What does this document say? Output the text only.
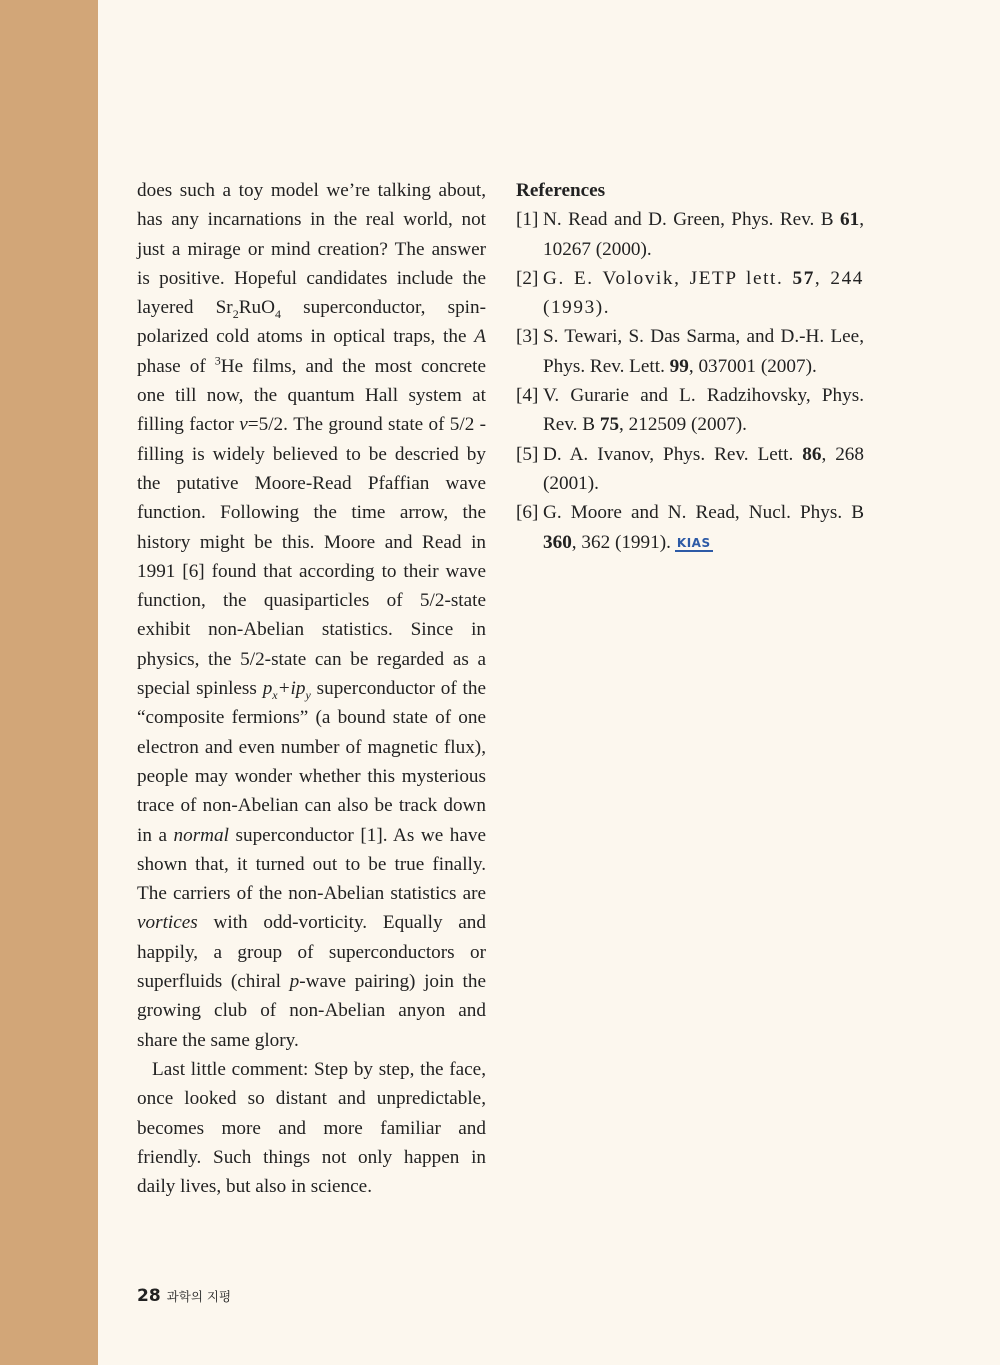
does such a toy model we’re talking about, has any incarnations in the real world, not just a mirage or mind creation? The answer is positive. Hopeful candidates include the layered $Sr_2RuO_4$ superconductor, spin-polarized cold atoms in optical traps, the A phase of $^3$He films, and the most concrete one till now, the quantum Hall system at filling factor ν=5/2. The ground state of 5/2 -filling is widely believed to be descried by the putative Moore-Read Pfaffian wave function. Following the time arrow, the history might be this. Moore and Read in 1991 [6] found that according to their wave function, the quasiparticles of 5/2-state exhibit non-Abelian statistics. Since in physics, the 5/2-state can be regarded as a special spinless $p_x+ip_y$ superconductor of the “composite fermions” (a bound state of one electron and even number of magnetic flux), people may wonder whether this mysterious trace of non-Abelian can also be track down in a normal superconductor [1]. As we have shown that, it turned out to be true finally. The carriers of the non-Abelian statistics are vortices with odd-vorticity. Equally and happily, a group of superconductors or superfluids (chiral p-wave pairing) join the growing club of non-Abelian anyon and share the same glory.

Last little comment: Step by step, the face, once looked so distant and unpredictable, becomes more and more familiar and friendly. Such things not only happen in daily lives, but also in science.

References

[1] N. Read and D. Green, Phys. Rev. B 61, 10267 (2000).
[2] G. E. Volovik, JETP lett. 57, 244 (1993).
[3] S. Tewari, S. Das Sarma, and D.-H. Lee, Phys. Rev. Lett. 99, 037001 (2007).
[4] V. Gurarie and L. Radzihovsky, Phys. Rev. B 75, 212509 (2007).
[5] D. A. Ivanov, Phys. Rev. Lett. 86, 268 (2001).
[6] G. Moore and N. Read, Nucl. Phys. B 360, 362 (1991). KIAS
28 과학의 지평
